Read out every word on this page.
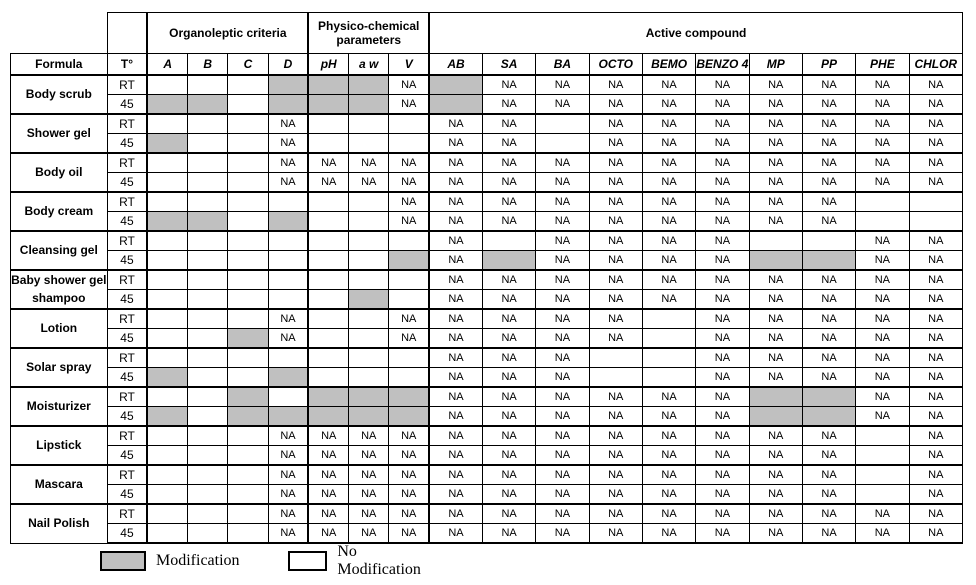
		Organoleptic criteria				Physico-chemical parameters			Active compound									
Formula	T°	A	B	C	D	pH	a w	V	AB	SA	BA	OCTO	BEMO	BENZO 4	MP	PP	PHE	CHLOR
Body scrub	RT							NA		NA	NA	NA	NA	NA	NA	NA	NA	NA
	45							NA		NA	NA	NA	NA	NA	NA	NA	NA	NA
Shower gel	RT				NA				NA	NA		NA	NA	NA	NA	NA	NA	NA
	45				NA				NA	NA		NA	NA	NA	NA	NA	NA	NA
Body oil	RT				NA	NA	NA	NA	NA	NA	NA	NA	NA	NA	NA	NA	NA	NA
	45				NA	NA	NA	NA	NA	NA	NA	NA	NA	NA	NA	NA	NA	NA
Body cream	RT							NA	NA	NA	NA	NA	NA	NA	NA	NA		
	45							NA	NA	NA	NA	NA	NA	NA	NA	NA		
Cleansing gel	RT								NA		NA	NA	NA	NA			NA	NA
	45								NA		NA	NA	NA	NA			NA	NA
Baby shower gel shampoo	RT								NA	NA	NA	NA	NA	NA	NA	NA	NA	NA
	45								NA	NA	NA	NA	NA	NA	NA	NA	NA	NA
Lotion	RT				NA			NA	NA	NA	NA	NA		NA	NA	NA	NA	NA
	45				NA			NA	NA	NA	NA	NA		NA	NA	NA	NA	NA
Solar spray	RT								NA	NA	NA			NA	NA	NA	NA	NA
	45								NA	NA	NA			NA	NA	NA	NA	NA
Moisturizer	RT								NA	NA	NA	NA	NA	NA			NA	NA
	45								NA	NA	NA	NA	NA	NA			NA	NA
Lipstick	RT				NA	NA	NA	NA	NA	NA	NA	NA	NA	NA	NA	NA		NA
	45				NA	NA	NA	NA	NA	NA	NA	NA	NA	NA	NA	NA		NA
Mascara	RT				NA	NA	NA	NA	NA	NA	NA	NA	NA	NA	NA	NA		NA
	45				NA	NA	NA	NA	NA	NA	NA	NA	NA	NA	NA	NA		NA
Nail Polish	RT				NA	NA	NA	NA	NA	NA	NA	NA	NA	NA	NA	NA	NA	NA
	45				NA	NA	NA	NA	NA	NA	NA	NA	NA	NA	NA	NA	NA	NA
Modification
No Modification
